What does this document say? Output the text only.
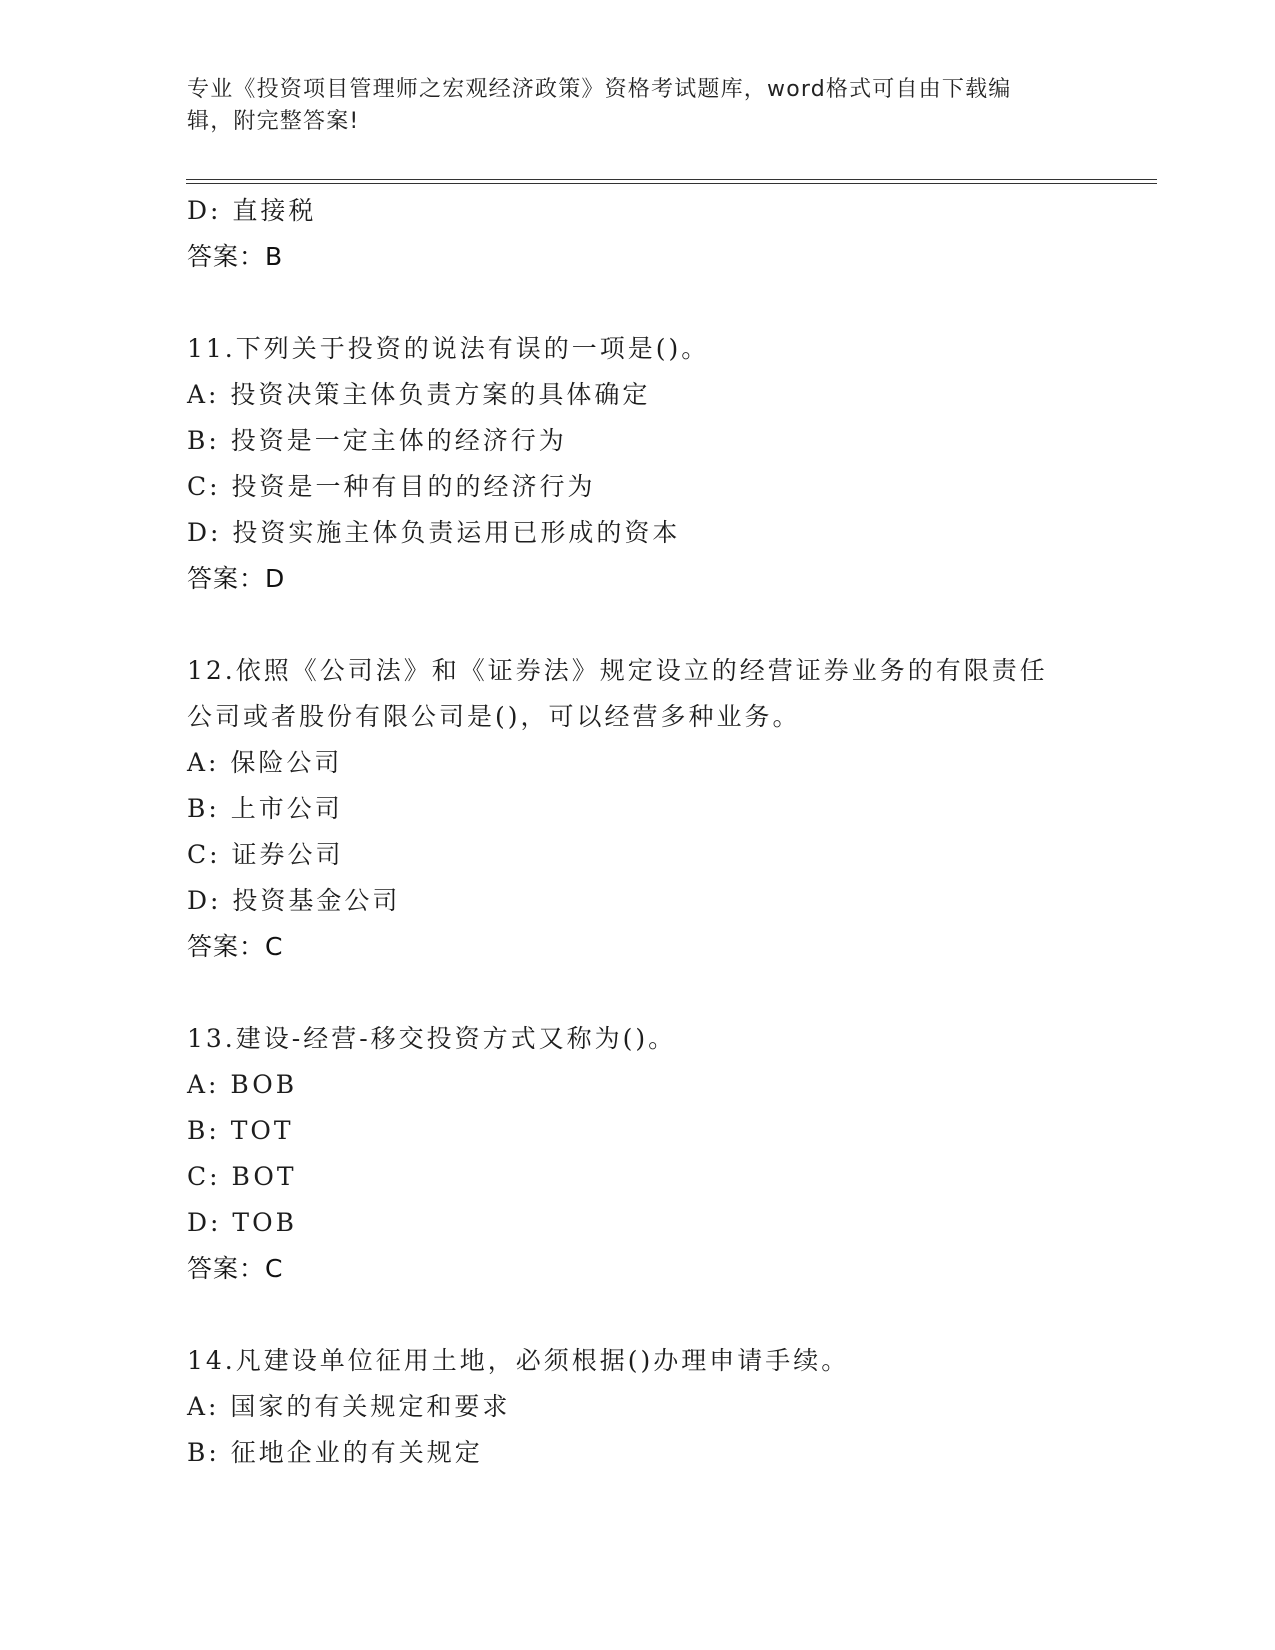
专业《投资项目管理师之宏观经济政策》资格考试题库，word格式可自由下载编
辑，附完整答案!
D: 直接税
答案：B
11.下列关于投资的说法有误的一项是()。
A: 投资决策主体负责方案的具体确定
B: 投资是一定主体的经济行为
C: 投资是一种有目的的经济行为
D: 投资实施主体负责运用已形成的资本
答案：D
12.依照《公司法》和《证券法》规定设立的经营证券业务的有限责任
公司或者股份有限公司是()，可以经营多种业务。
A: 保险公司
B: 上市公司
C: 证券公司
D: 投资基金公司
答案：C
13.建设-经营-移交投资方式又称为()。
A: BOB
B: TOT
C: BOT
D: TOB
答案：C
14.凡建设单位征用土地，必须根据()办理申请手续。
A: 国家的有关规定和要求
B: 征地企业的有关规定
